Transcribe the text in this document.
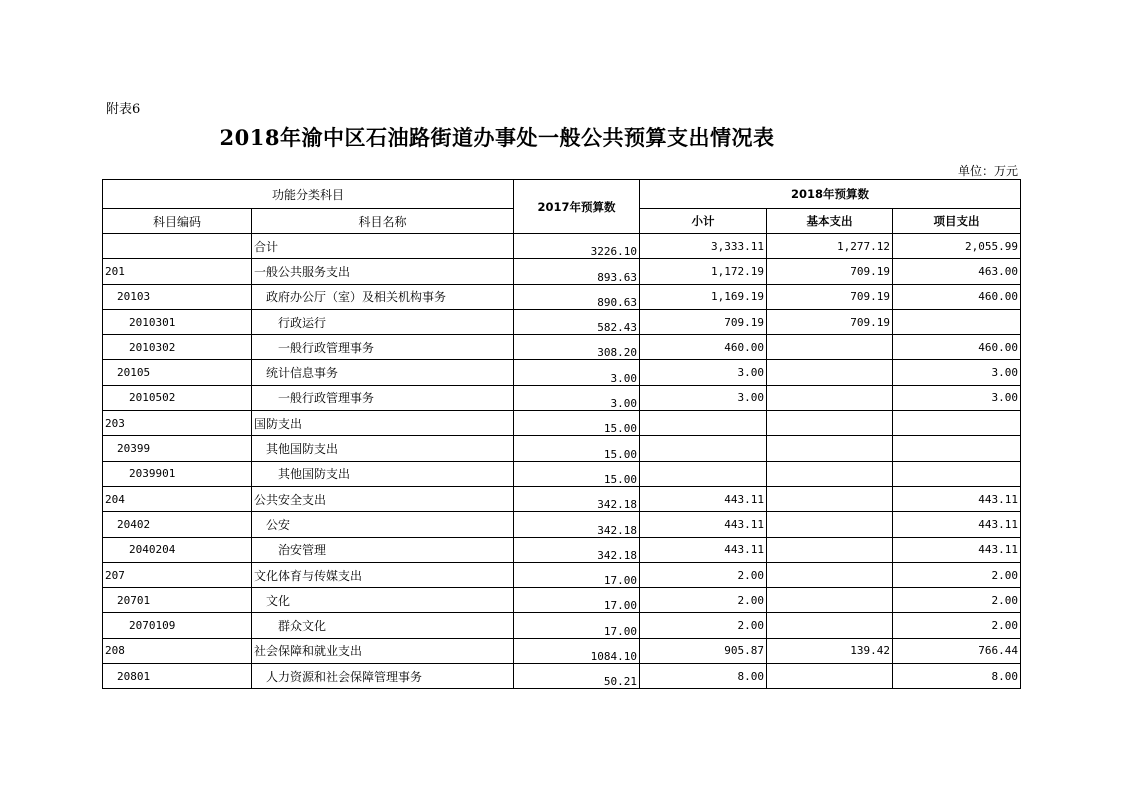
附表6
2018年渝中区石油路街道办事处一般公共预算支出情况表
单位：万元
功能分类科目		2017年预算数	2018年预算数		
科目编码	科目名称		小计	基本支出	项目支出
	合计	3226.10	3,333.11	1,277.12	2,055.99
201	一般公共服务支出	893.63	1,172.19	709.19	463.00
20103	政府办公厅（室）及相关机构事务	890.63	1,169.19	709.19	460.00
2010301	行政运行	582.43	709.19	709.19	
2010302	一般行政管理事务	308.20	460.00		460.00
20105	统计信息事务	3.00	3.00		3.00
2010502	一般行政管理事务	3.00	3.00		3.00
203	国防支出	15.00			
20399	其他国防支出	15.00			
2039901	其他国防支出	15.00			
204	公共安全支出	342.18	443.11		443.11
20402	公安	342.18	443.11		443.11
2040204	治安管理	342.18	443.11		443.11
207	文化体育与传媒支出	17.00	2.00		2.00
20701	文化	17.00	2.00		2.00
2070109	群众文化	17.00	2.00		2.00
208	社会保障和就业支出	1084.10	905.87	139.42	766.44
20801	人力资源和社会保障管理事务	50.21	8.00		8.00
